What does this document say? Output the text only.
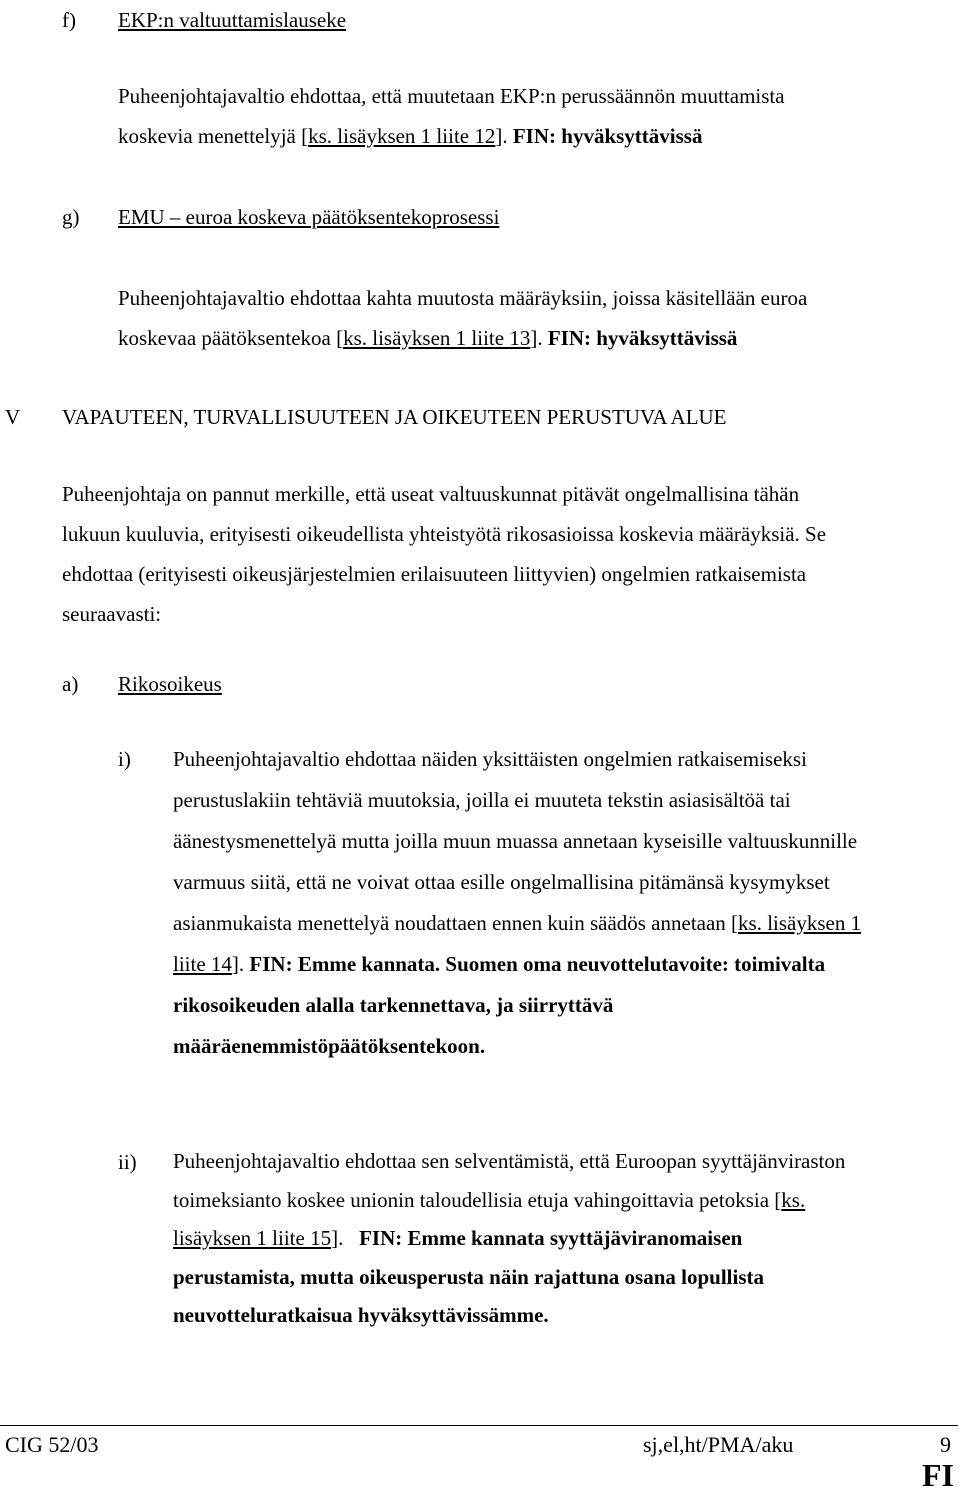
f) EKP:n valtuuttamislauseke
Puheenjohtajavaltio ehdottaa, että muutetaan EKP:n perussäännön muuttamista
koskevia menettelyjä [ks. lisäyksen 1 liite 12]. FIN: hyväksyttävissä
g) EMU – euroa koskeva päätöksentekoprosessi
Puheenjohtajavaltio ehdottaa kahta muutosta määräyksiin, joissa käsitellään euroa
koskevaa päätöksentekoa [ks. lisäyksen 1 liite 13]. FIN: hyväksyttävissä
V VAPAUTEEN, TURVALLISUUTEEN JA OIKEUTEEN PERUSTUVA ALUE
Puheenjohtaja on pannut merkille, että useat valtuuskunnat pitävät ongelmallisina tähän
lukuun kuuluvia, erityisesti oikeudellista yhteistyötä rikosasioissa koskevia määräyksiä. Se
ehdottaa (erityisesti oikeusjärjestelmien erilaisuuteen liittyvien) ongelmien ratkaisemista
seuraavasti:
a) Rikosoikeus
i) Puheenjohtajavaltio ehdottaa näiden yksittäisten ongelmien ratkaisemiseksi
perustuslakiin tehtäviä muutoksia, joilla ei muuteta tekstin asiasisältöä tai
äänestysmenettelyä mutta joilla muun muassa annetaan kyseisille valtuuskunnille
varmuus siitä, että ne voivat ottaa esille ongelmallisina pitämänsä kysymykset
asianmukaista menettelyä noudattaen ennen kuin säädös annetaan [ks. lisäyksen 1
liite 14]. FIN: Emme kannata. Suomen oma neuvottelutavoite: toimivalta
rikosoikeuden alalla tarkennettava, ja siirryttävä
määräenemmistöpäätöksentekoon.
ii) Puheenjohtajavaltio ehdottaa sen selventämistä, että Euroopan syyttäjänviraston
toimeksianto koskee unionin taloudellisia etuja vahingoittavia petoksia [ks.
lisäyksen 1 liite 15].   FIN: Emme kannata syyttäjäviranomaisen
perustamista, mutta oikeusperusta näin rajattuna osana lopullista
neuvotteluratkaisua hyväksyttävissämme.
CIG 52/03	sj,el,ht/PMA/aku	9
FI
